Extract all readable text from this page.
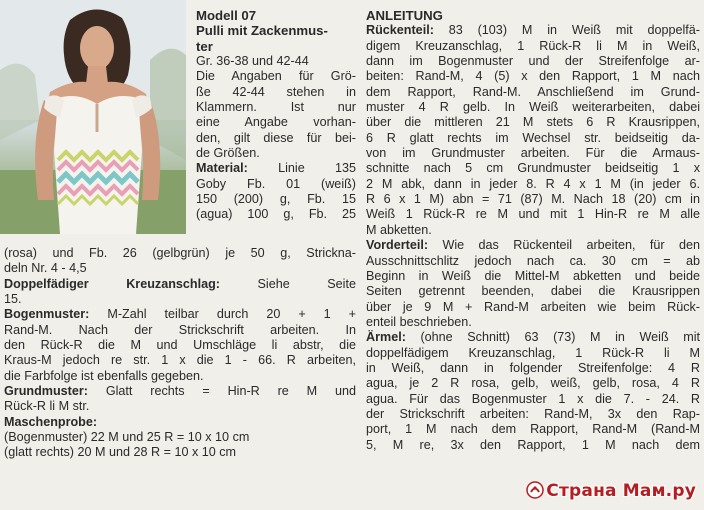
Modell 07

Pulli mit Zackenmus-

ter

Gr. 36-38 und 42-44

Die Angaben für Grö-

ße 42-44 stehen in

Klammern. Ist nur

eine Angabe vorhan-

den, gilt diese für bei-

de Größen.

Material: Linie 135

Goby Fb. 01 (weiß)

150 (200) g, Fb. 15

(agua) 100 g, Fb. 25

(rosa) und Fb. 26 (gelbgrün) je 50 g, Stricknа-

deln Nr. 4 - 4,5

Doppelfädiger Kreuzanschlag:	Siehe Seite

15.

Bogenmuster: M-Zahl teilbar durch 20 + 1 +

Rand-M. Nach der Strickschrift arbeiten. In

den Rück-R die M und Umschläge li abstr, die

Kraus-M jedoch re str. 1 x die 1 - 66. R arbeiten,

die Farbfolge ist ebenfalls gegeben.

Grundmuster: Glatt rechts = Hin-R re M und

Rück-R li M str.

Maschenprobe:

(Bogenmuster) 22 M und 25 R = 10 x 10 cm

(glatt rechts) 20 M und 28 R = 10 x 10 cm

ANLEITUNG

Rückenteil: 83 (103) M in Weiß mit doppelfä-

digem Kreuzanschlag, 1 Rück-R li M in Weiß,

dann im Bogenmuster und der Streifenfolge ar-

beiten: Rand-M, 4 (5) x den Rapport, 1 M nach

dem Rapport, Rand-M. Anschließend im Grund-

muster 4 R gelb. In Weiß weiterarbeiten, dabei

über die mittleren 21 M stets 6 R Krausrippen,

6 R glatt rechts im Wechsel str. beidseitig da-

von im Grundmuster arbeiten. Für die Armaus-

schnitte nach 5 cm Grundmuster beidseitig 1 x

2 M abk, dann in jeder 8. R 4 x 1 M (in jeder 6.

R 6 x 1 M) abn = 71 (87) M. Nach 18 (20) cm in

Weiß 1 Rück-R re M und mit 1 Hin-R re M alle

M abketten.

Vorderteil: Wie das Rückenteil arbeiten, für den

Ausschnittschlitz jedoch nach ca. 30 cm = ab

Beginn in Weiß die Mittel-M abketten und beide

Seiten getrennt beenden, dabei die Krausrippen

über je 9 M + Rand-M arbeiten wie beim Rück-

enteil beschrieben.

Ärmel: (ohne Schnitt) 63 (73) M in Weiß mit

doppelfädigem Kreuzanschlag, 1 Rück-R li M

in Weiß, dann in folgender Streifenfolge: 4 R

agua, je 2 R rosa, gelb, weiß, gelb, rosa, 4 R

agua. Für das Bogenmuster 1 x die 7. - 24. R

der Strickschrift arbeiten: Rand-M, 3x den Rap-

port, 1 M nach dem Rapport, Rand-M (Rand-M

5, M re, 3x den Rapport, 1 M nach dem

Страна Мам.ру
